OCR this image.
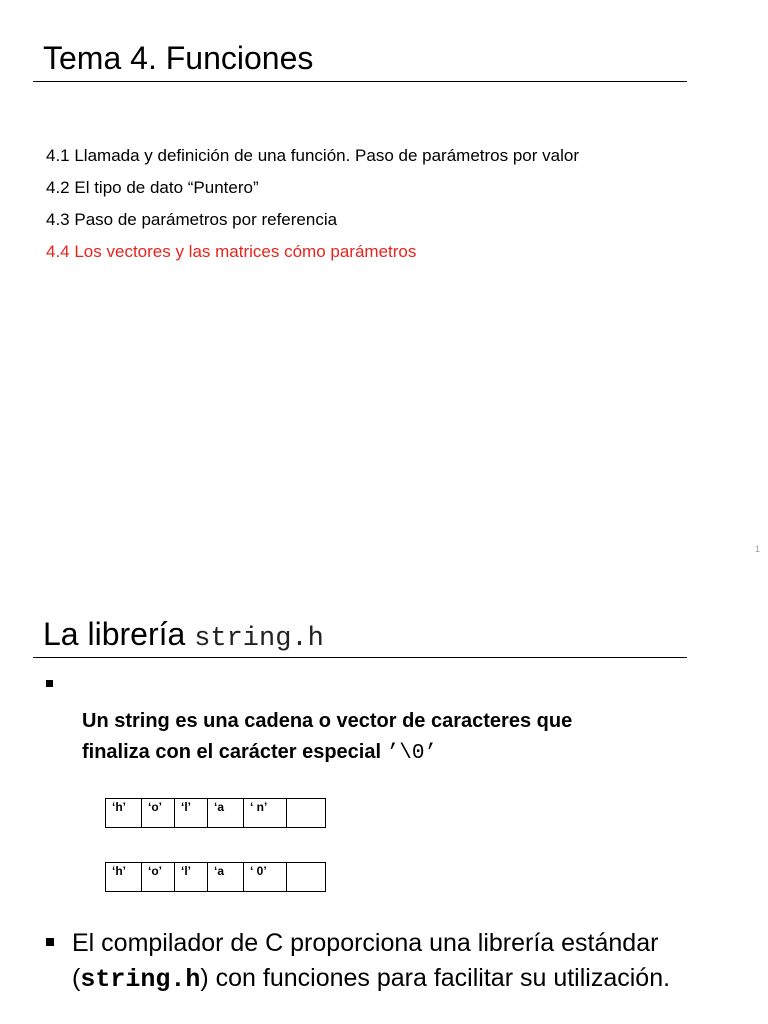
Tema 4. Funciones
4.1 Llamada y definición de una función. Paso de parámetros por valor
4.2 El tipo de dato “Puntero”
4.3 Paso de parámetros por referencia
4.4 Los vectores y las matrices cómo parámetros
1
La librería string.h
Un string es una cadena o vector de caracteres que
finaliza con el carácter especial ’\0’
‘h’	‘o’	‘l’	‘a	‘ n’	
‘h’	‘o’	‘l’	‘a	‘ 0’	
El compilador de C proporciona una librería estándar (string.h) con funciones para facilitar su utilización.
